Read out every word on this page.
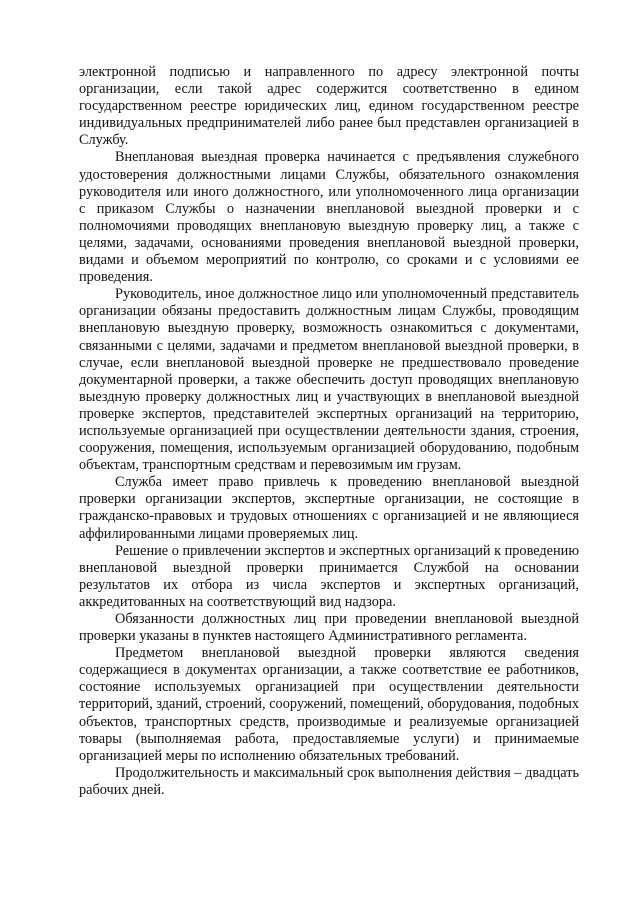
электронной подписью и направленного по адресу электронной почты организации, если такой адрес содержится соответственно в едином государственном реестре юридических лиц, едином государственном реестре индивидуальных предпринимателей либо ранее был представлен организацией в Службу.

Внеплановая выездная проверка начинается с предъявления служебного удостоверения должностными лицами Службы, обязательного ознакомления руководителя или иного должностного, или уполномоченного лица организации с приказом Службы о назначении внеплановой выездной проверки и с полномочиями проводящих внеплановую выездную проверку лиц, а также с целями, задачами, основаниями проведения внеплановой выездной проверки, видами и объемом мероприятий по контролю, со сроками и с условиями ее проведения.

Руководитель, иное должностное лицо или уполномоченный представитель организации обязаны предоставить должностным лицам Службы, проводящим внеплановую выездную проверку, возможность ознакомиться с документами, связанными с целями, задачами и предметом внеплановой выездной проверки, в случае, если внеплановой выездной проверке не предшествовало проведение документарной проверки, а также обеспечить доступ проводящих внеплановую выездную проверку должностных лиц и участвующих в внеплановой выездной проверке экспертов, представителей экспертных организаций на территорию, используемые организацией при осуществлении деятельности здания, строения, сооружения, помещения, используемым организацией оборудованию, подобным объектам, транспортным средствам и перевозимым им грузам.

Служба имеет право привлечь к проведению внеплановой выездной проверки организации экспертов, экспертные организации, не состоящие в гражданско-правовых и трудовых отношениях с организацией и не являющиеся аффилированными лицами проверяемых лиц.

Решение о привлечении экспертов и экспертных организаций к проведению внеплановой выездной проверки принимается Службой на основании результатов их отбора из числа экспертов и экспертных организаций, аккредитованных на соответствующий вид надзора.

Обязанности должностных лиц при проведении внеплановой выездной проверки указаны в пунктев настоящего Административного регламента.

Предметом внеплановой выездной проверки являются сведения содержащиеся в документах организации, а также соответствие ее работников, состояние используемых организацией при осуществлении деятельности территорий, зданий, строений, сооружений, помещений, оборудования, подобных объектов, транспортных средств, производимые и реализуемые организацией товары (выполняемая работа, предоставляемые услуги) и принимаемые организацией меры по исполнению обязательных требований.

Продолжительность и максимальный срок выполнения действия – двадцать рабочих дней.
